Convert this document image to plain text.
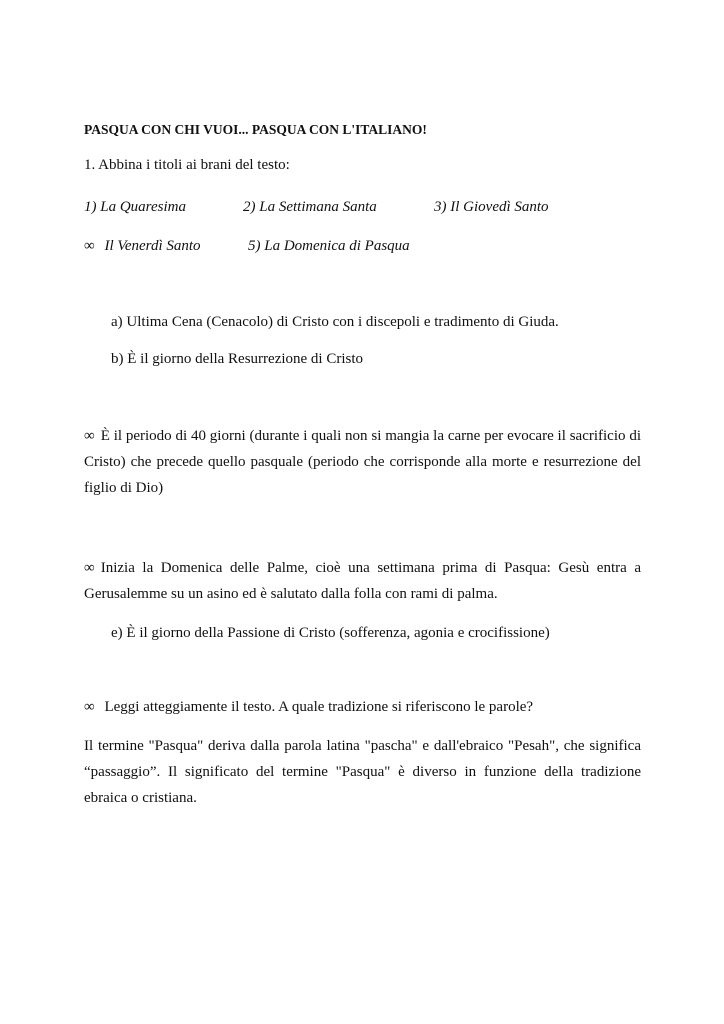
PASQUA CON CHI VUOI... PASQUA CON L'ITALIANO!
1. Abbina i titoli ai brani del testo:
1) La Quaresima	2) La Settimana Santa	3) Il Giovedì Santo
∞ Il Venerdì Santo	5) La Domenica di Pasqua
a) Ultima Cena (Cenacolo) di Cristo con i discepoli e tradimento di Giuda.
b) È il giorno della Resurrezione di Cristo
∞ È il periodo di 40 giorni (durante i quali non si mangia la carne per evocare il sacrificio di Cristo) che precede quello pasquale (periodo che corrisponde alla morte e resurrezione del figlio di Dio)
∞ Inizia la Domenica delle Palme, cioè una settimana prima di Pasqua: Gesù entra a Gerusalemme su un asino ed è salutato dalla folla con rami di palma.
e) È il giorno della Passione di Cristo (sofferenza, agonia e crocifissione)
∞ Leggi atteggiamente il testo. A quale tradizione si riferiscono le parole?
Il termine "Pasqua" deriva dalla parola latina "pascha" e dall'ebraico "Pesah", che significa “passaggio”. Il significato del termine "Pasqua" è diverso in funzione della tradizione ebraica o cristiana.
